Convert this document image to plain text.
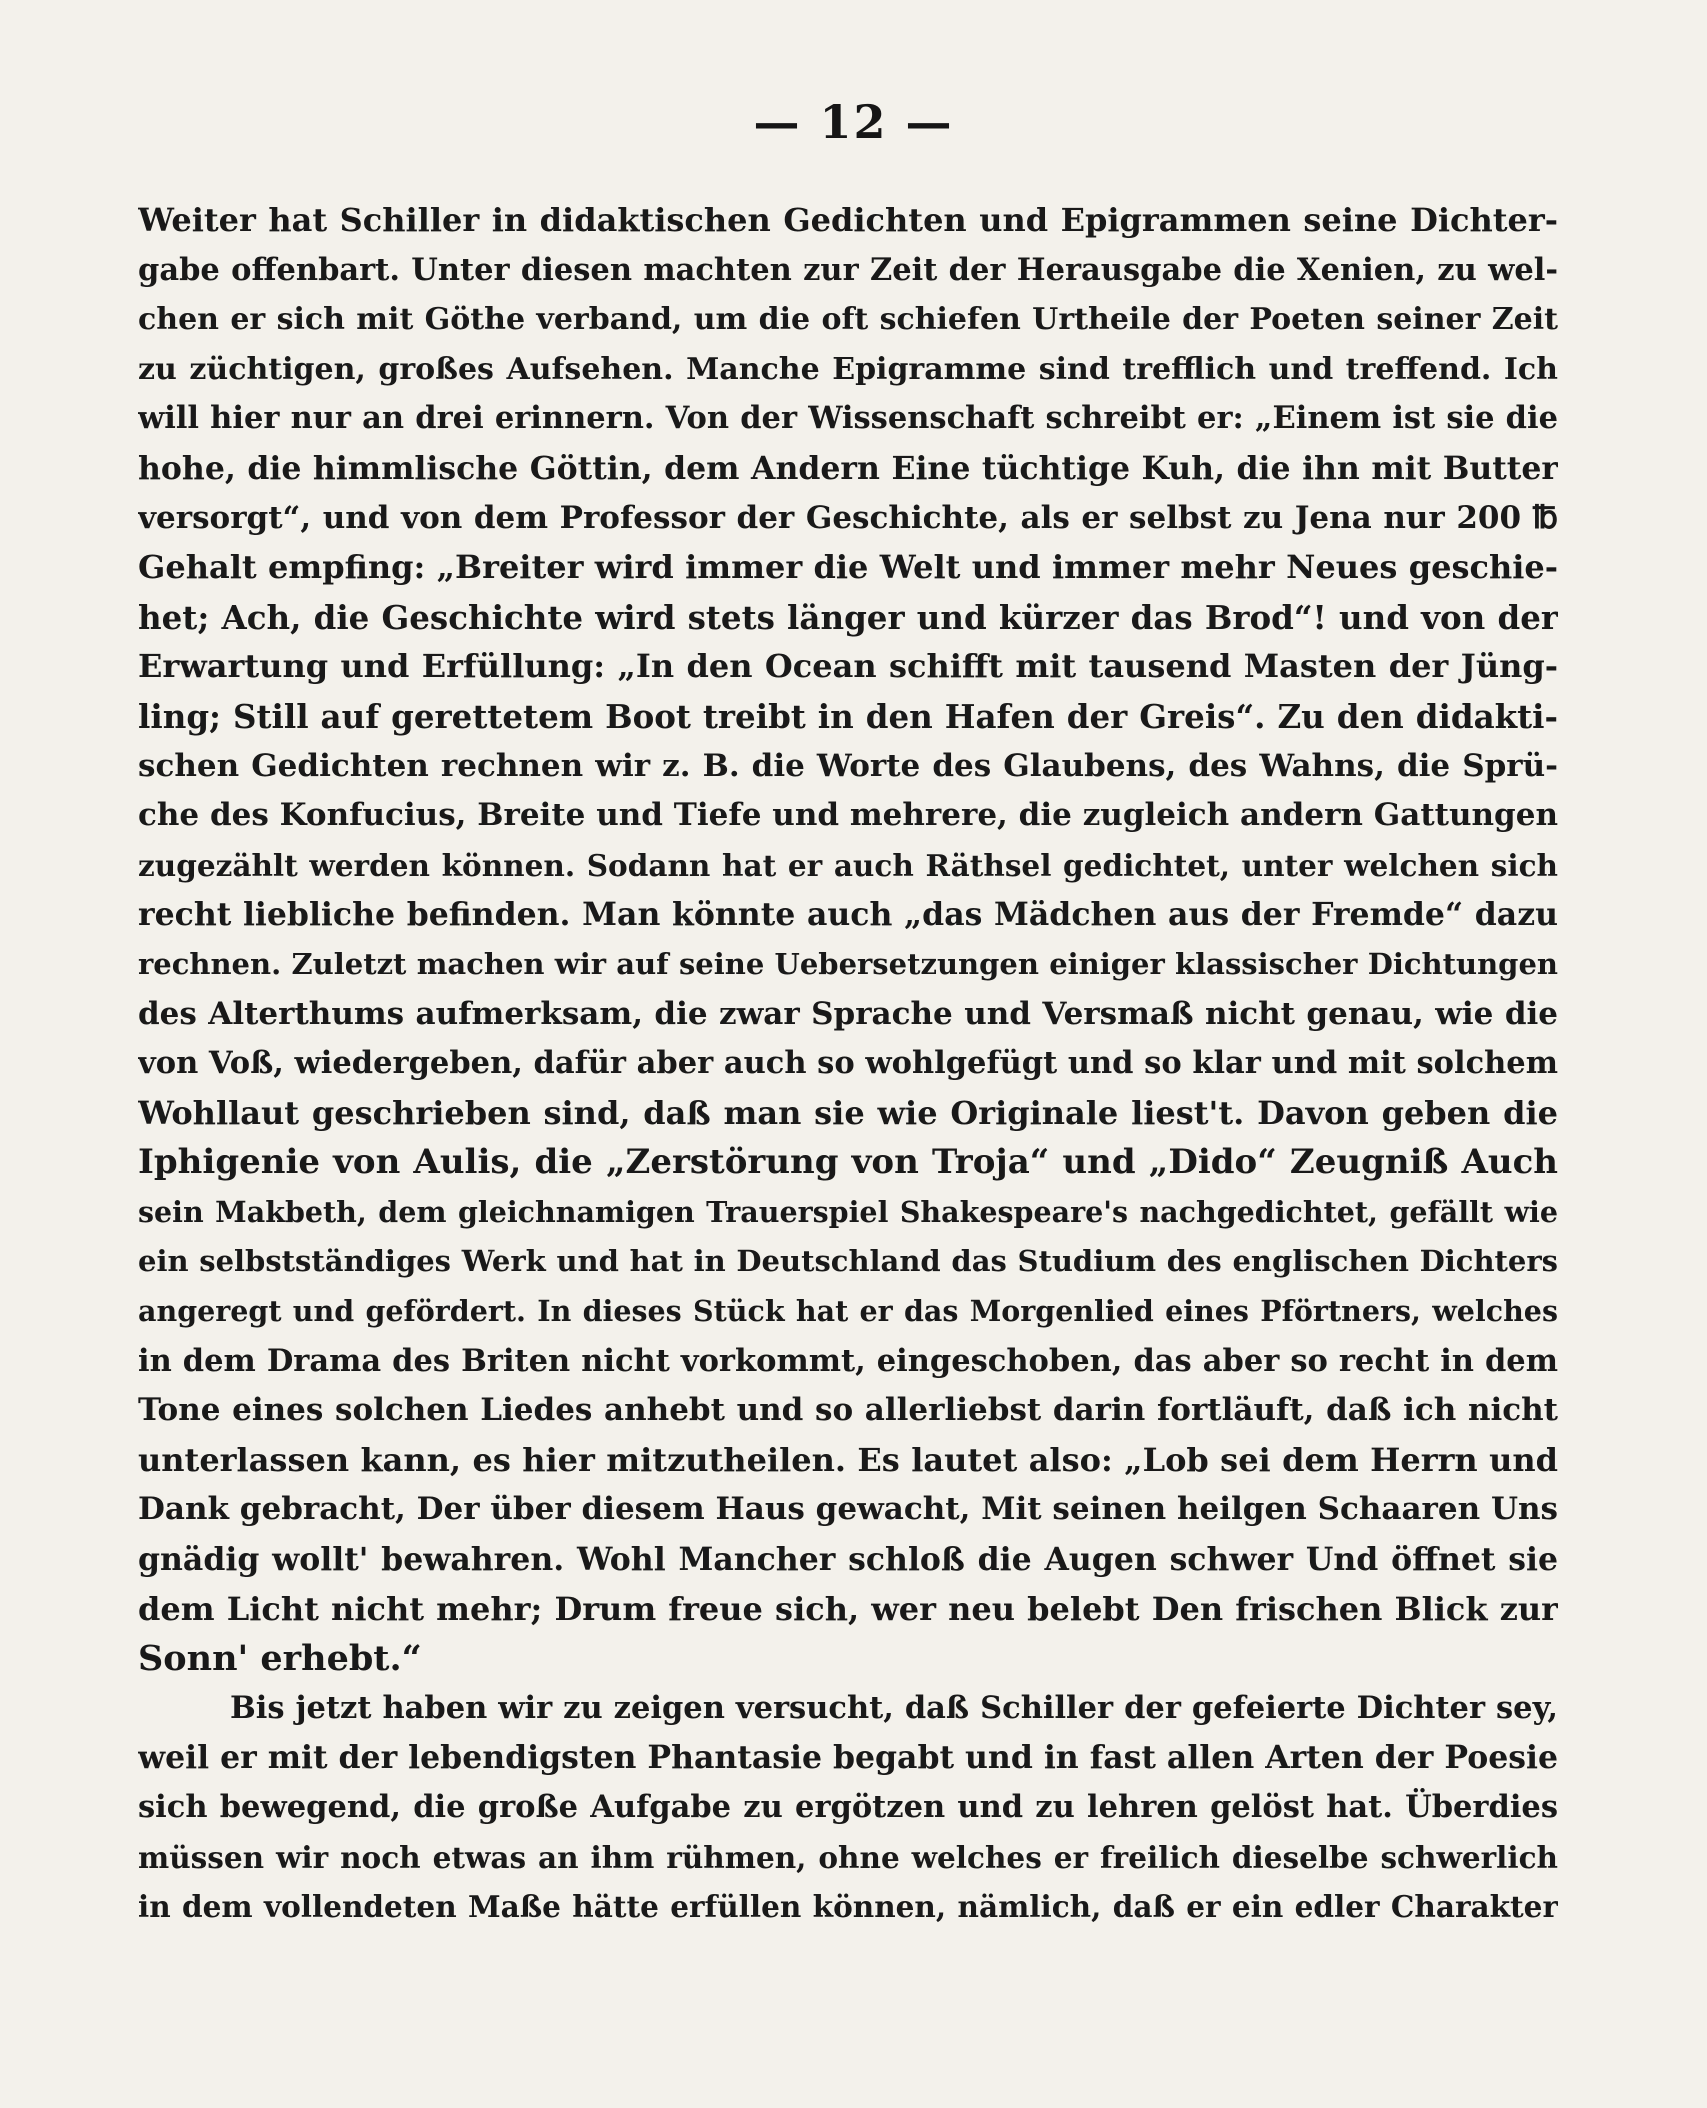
— 12 —
Weiter hat Schiller in didaktischen Gedichten und Epigrammen seine Dichter-
gabe offenbart. Unter diesen machten zur Zeit der Herausgabe die Xenien, zu wel-
chen er sich mit Göthe verband, um die oft schiefen Urtheile der Poeten seiner Zeit
zu züchtigen, großes Aufsehen. Manche Epigramme sind trefflich und treffend. Ich
will hier nur an drei erinnern. Von der Wissenschaft schreibt er: „Einem ist sie die
hohe, die himmlische Göttin, dem Andern Eine tüchtige Kuh, die ihn mit Butter
versorgt“, und von dem Professor der Geschichte, als er selbst zu Jena nur 200 ℔
Gehalt empfing: „Breiter wird immer die Welt und immer mehr Neues geschie-
het; Ach, die Geschichte wird stets länger und kürzer das Brod“! und von der
Erwartung und Erfüllung: „In den Ocean schifft mit tausend Masten der Jüng-
ling; Still auf gerettetem Boot treibt in den Hafen der Greis“. Zu den didakti-
schen Gedichten rechnen wir z. B. die Worte des Glaubens, des Wahns, die Sprü-
che des Konfucius, Breite und Tiefe und mehrere, die zugleich andern Gattungen
zugezählt werden können. Sodann hat er auch Räthsel gedichtet, unter welchen sich
recht liebliche befinden. Man könnte auch „das Mädchen aus der Fremde“ dazu
rechnen. Zuletzt machen wir auf seine Uebersetzungen einiger klassischer Dichtungen
des Alterthums aufmerksam, die zwar Sprache und Versmaß nicht genau, wie die
von Voß, wiedergeben, dafür aber auch so wohlgefügt und so klar und mit solchem
Wohllaut geschrieben sind, daß man sie wie Originale liest't. Davon geben die
Iphigenie von Aulis, die „Zerstörung von Troja“ und „Dido“ Zeugniß Auch
sein Makbeth, dem gleichnamigen Trauerspiel Shakespeare's nachgedichtet, gefällt wie
ein selbstständiges Werk und hat in Deutschland das Studium des englischen Dichters
angeregt und gefördert. In dieses Stück hat er das Morgenlied eines Pförtners, welches
in dem Drama des Briten nicht vorkommt, eingeschoben, das aber so recht in dem
Tone eines solchen Liedes anhebt und so allerliebst darin fortläuft, daß ich nicht
unterlassen kann, es hier mitzutheilen. Es lautet also: „Lob sei dem Herrn und
Dank gebracht, Der über diesem Haus gewacht, Mit seinen heilgen Schaaren Uns
gnädig wollt' bewahren. Wohl Mancher schloß die Augen schwer Und öffnet sie
dem Licht nicht mehr; Drum freue sich, wer neu belebt Den frischen Blick zur
Sonn' erhebt.“
Bis jetzt haben wir zu zeigen versucht, daß Schiller der gefeierte Dichter sey,
weil er mit der lebendigsten Phantasie begabt und in fast allen Arten der Poesie
sich bewegend, die große Aufgabe zu ergötzen und zu lehren gelöst hat. Überdies
müssen wir noch etwas an ihm rühmen, ohne welches er freilich dieselbe schwerlich
in dem vollendeten Maße hätte erfüllen können, nämlich, daß er ein edler Charakter
